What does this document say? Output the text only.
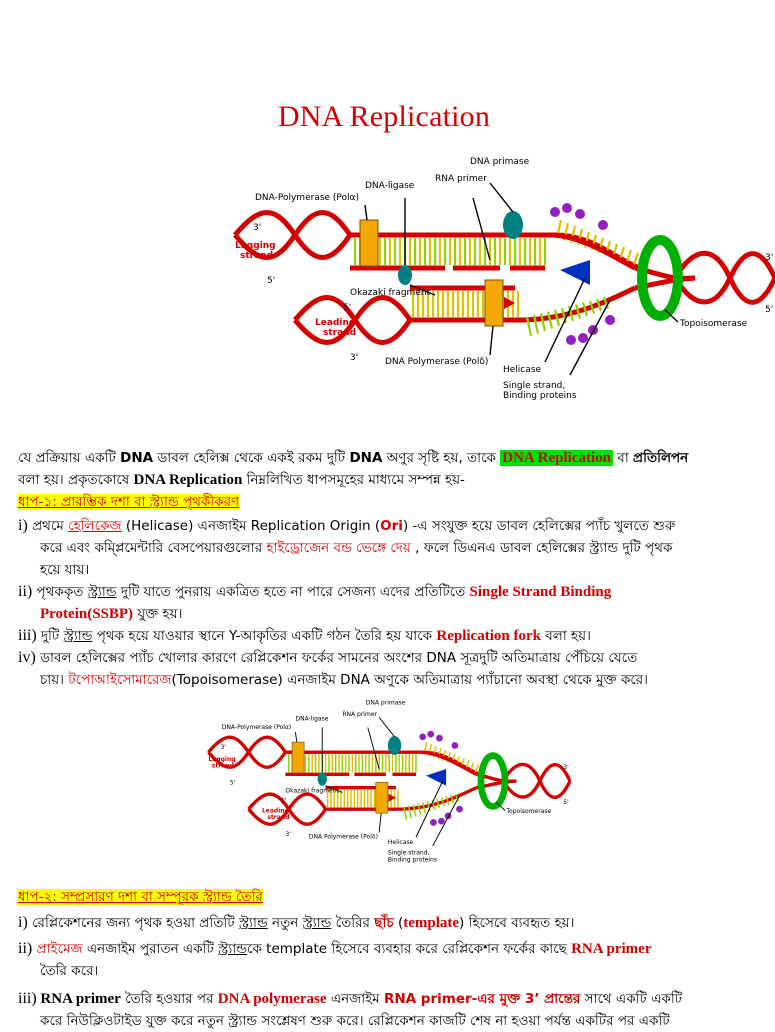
DNA Replication
DNA primase
DNA-ligase
RNA primer
DNA-Polymerase (Polα)
3'
Lagging
strand
5'
Okazaki fragment
5'
Leading
strand
3'
3'
5'
Topoisomerase
DNA Polymerase (Polδ)
Helicase
Single strand,
Binding proteins
যে প্রক্রিয়ায় একটি DNA ডাবল হেলিক্স থেকে একই রকম দুটি DNA অণুর সৃষ্টি হয়, তাকে DNA Replication বা প্রতিলিপন
বলা হয়। প্রকৃতকোষে DNA Replication নিম্নলিখিত ধাপসমূহের মাধ্যমে সম্পন্ন হয়-
ধাপ-১: প্রারম্ভিক দশা বা স্ট্র্যান্ড পৃথকীকরণ
i) প্রথমে হেলিকেজ (Helicase) এনজাইম Replication Origin (Ori) -এ সংযুক্ত হয়ে ডাবল হেলিক্সের প্যাঁচ খুলতে শুরু
করে এবং কম্প্লিমেন্টারি বেসপেয়ারগুলোর হাইড্রোজেন বন্ড ভেঙ্গে দেয় , ফলে ডিএনএ ডাবল হেলিক্সের স্ট্র্যান্ড দুটি পৃথক
হয়ে যায়।
ii) পৃথককৃত স্ট্র্যান্ড দুটি যাতে পুনরায় একত্রিত হতে না পারে সেজন্য এদের প্রতিটিতে Single Strand Binding
Protein(SSBP) যুক্ত হয়।
iii) দুটি স্ট্র্যান্ড পৃথক হয়ে যাওয়ার স্থানে Y-আকৃতির একটি গঠন তৈরি হয় যাকে Replication fork বলা হয়।
iv) ডাবল হেলিক্সের প্যাঁচ খোলার কারণে রেপ্লিকেশন ফর্কের সামনের অংশের DNA সূত্রদুটি অতিমাত্রায় পেঁচিয়ে যেতে
চায়। টপোআইসোমারেজ(Topoisomerase) এনজাইম DNA অণুকে অতিমাত্রায় প্যাঁচানো অবস্থা থেকে মুক্ত করে।
DNA primase
DNA-ligase
RNA primer
DNA-Polymerase (Polα)
3'
Lagging
strand
5'
Okazaki fragment
5'
Leading
strand
3'
3'
5'
Topoisomerase
DNA Polymerase (Polδ)
Helicase
Single strand,
Binding proteins
ধাপ-২: সম্প্রসারণ দশা বা সম্পূরক স্ট্র্যান্ড তৈরি
i) রেপ্লিকেশনের জন্য পৃথক হওয়া প্রতিটি স্ট্র্যান্ড নতুন স্ট্র্যান্ড তৈরির ছাঁচ (template) হিসেবে ব্যবহৃত হয়।
ii) প্রাইমেজ এনজাইম পুরাতন একটি স্ট্র্যান্ডকে template হিসেবে ব্যবহার করে রেপ্লিকেশন ফর্কের কাছে RNA primer
তৈরি করে।
iii) RNA primer তৈরি হওয়ার পর DNA polymerase এনজাইম RNA primer-এর মুক্ত 3’ প্রান্তের সাথে একটি একটি
করে নিউক্লিওটাইড যুক্ত করে নতুন স্ট্র্যান্ড সংশ্লেষণ শুরু করে। রেপ্লিকেশন কাজটি শেষ না হওয়া পর্যন্ত একটির পর একটি
